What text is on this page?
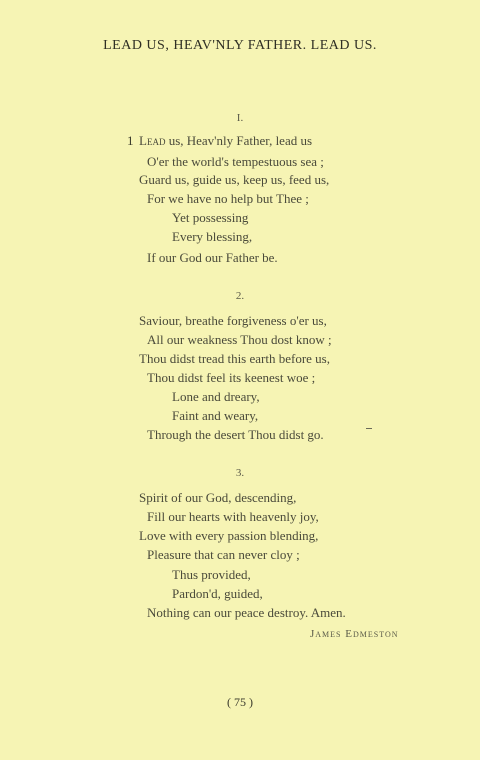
LEAD US, HEAV'NLY FATHER. LEAD US.
I.
1 Lead us, Heav'nly Father, lead us
O'er the world's tempestuous sea ;
Guard us, guide us, keep us, feed us,
For we have no help but Thee ;
Yet possessing
Every blessing,
If our God our Father be.
2.
Saviour, breathe forgiveness o'er us,
All our weakness Thou dost know ;
Thou didst tread this earth before us,
Thou didst feel its keenest woe ;
Lone and dreary,
Faint and weary,
Through the desert Thou didst go.
3.
Spirit of our God, descending,
Fill our hearts with heavenly joy,
Love with every passion blending,
Pleasure that can never cloy ;
Thus provided,
Pardon'd, guided,
Nothing can our peace destroy. Amen.
James Edmeston
( 75 )
